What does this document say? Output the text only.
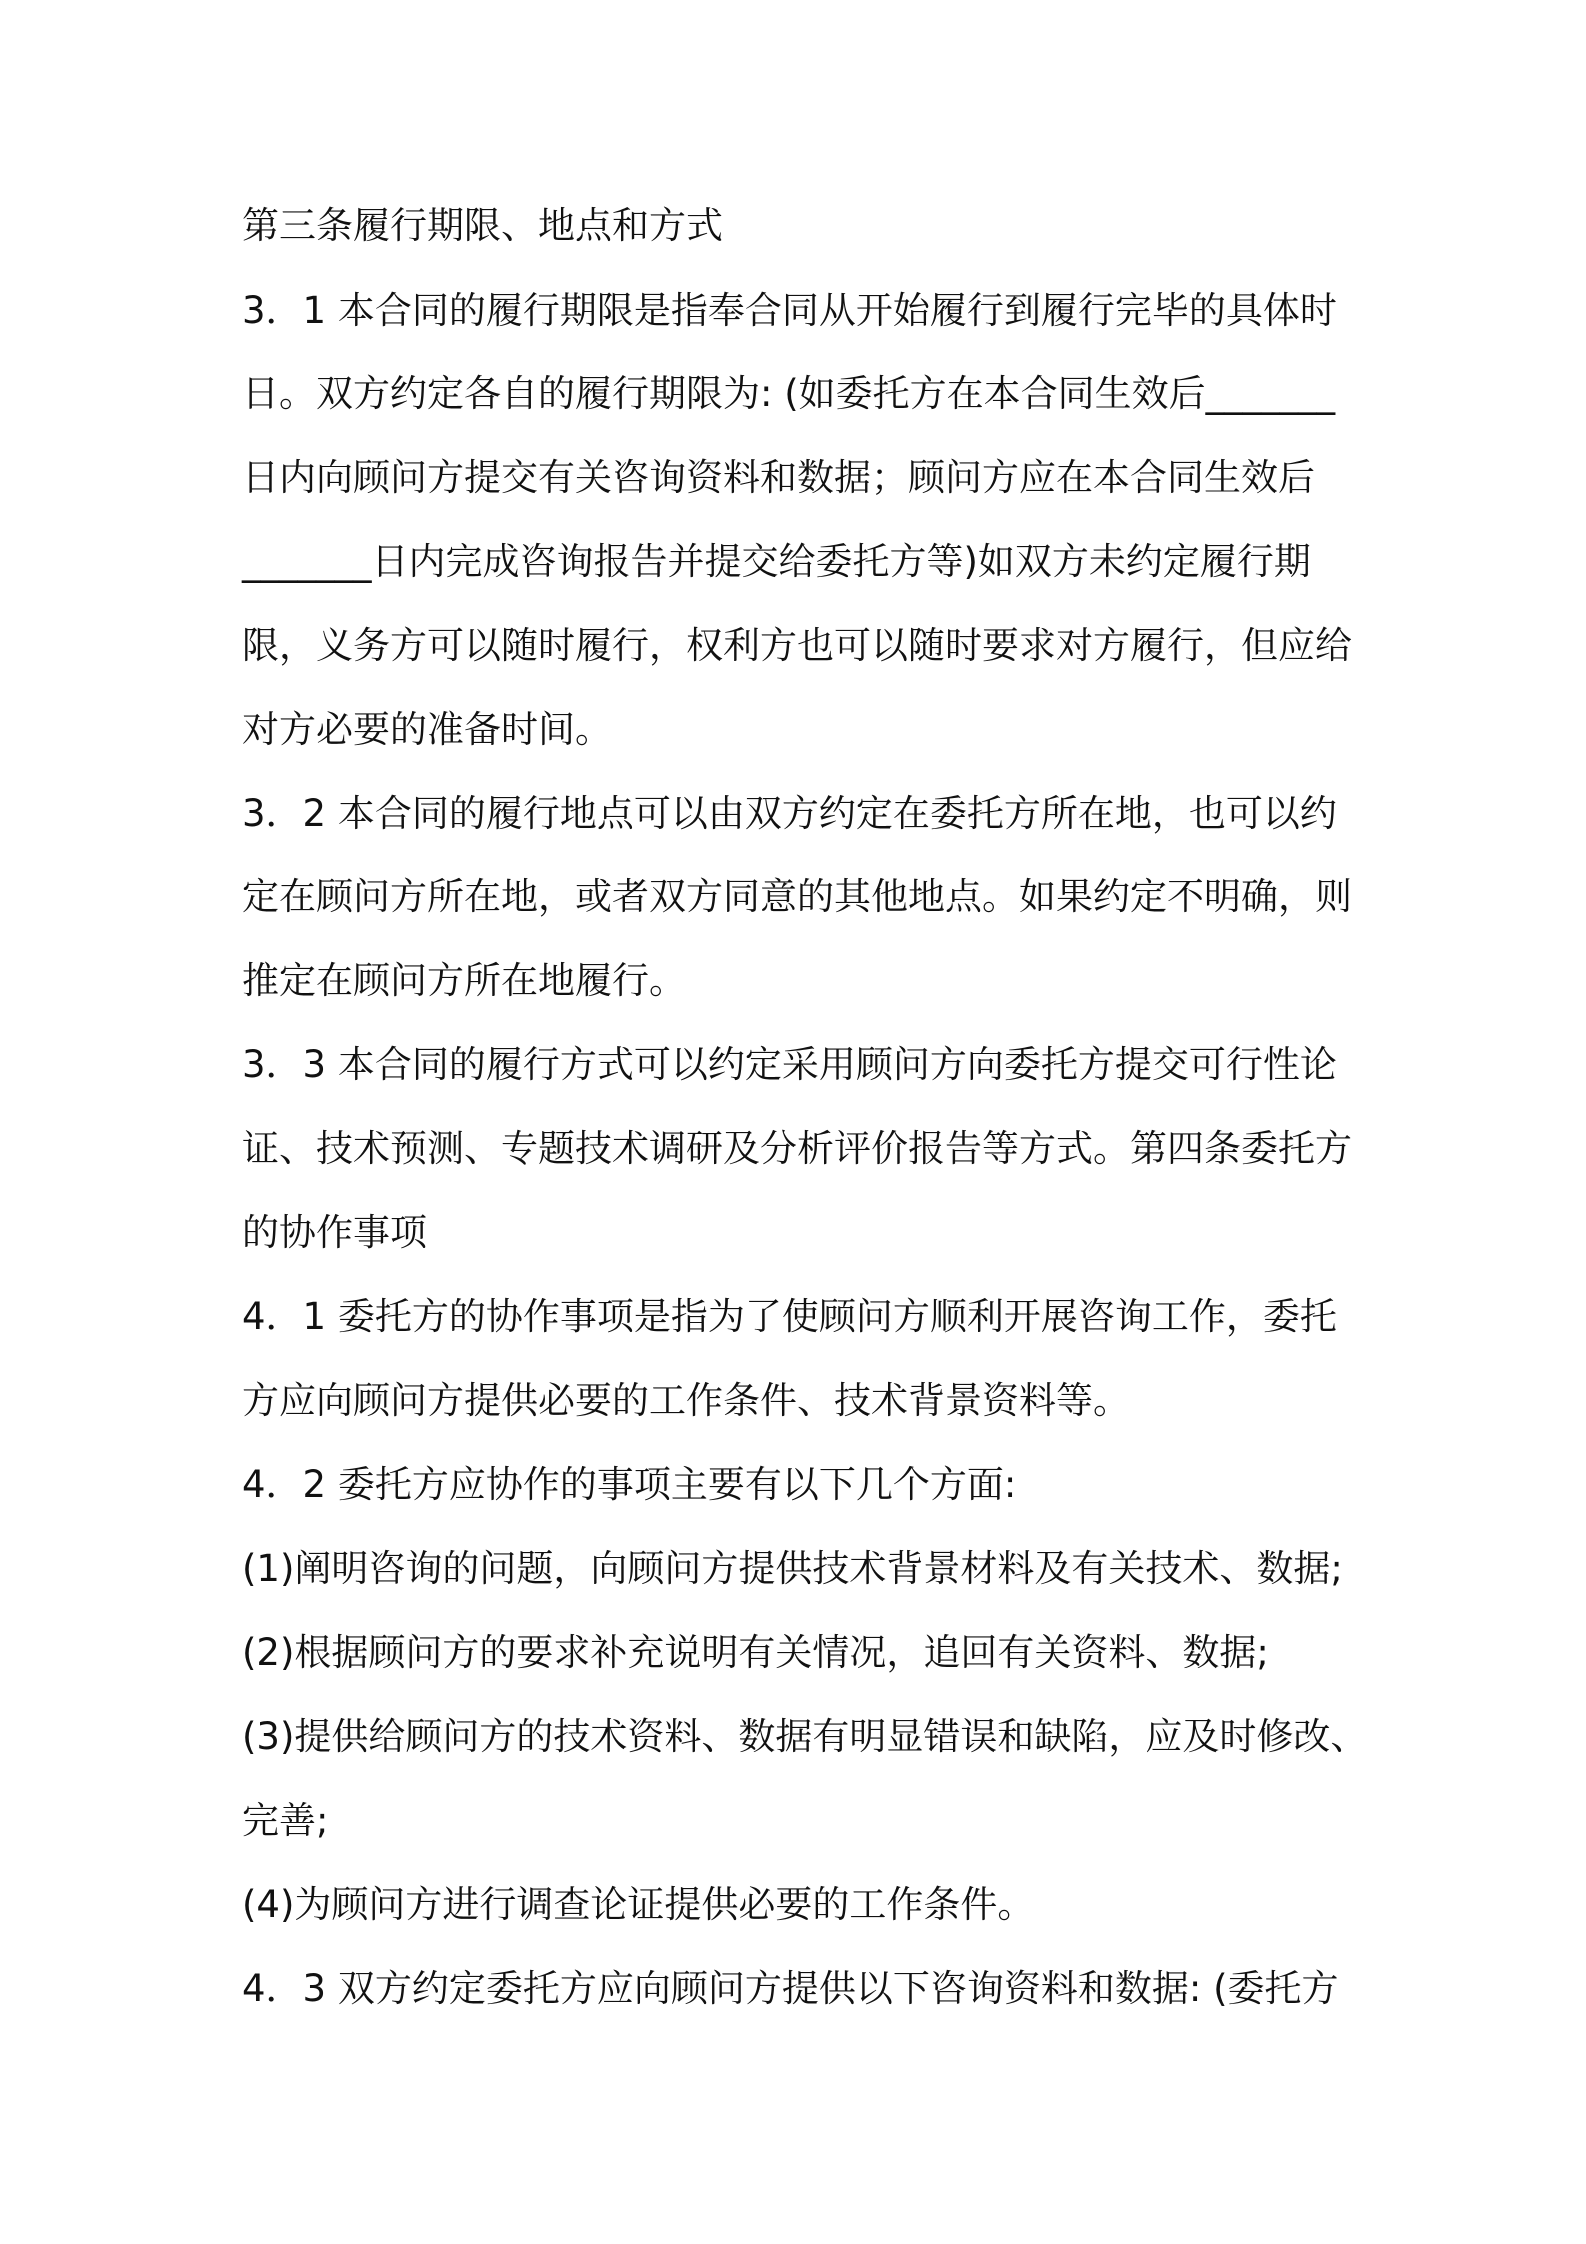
第三条履行期限、地点和方式
3．1 本合同的履行期限是指奉合同从开始履行到履行完毕的具体时
日。双方约定各自的履行期限为: (如委托方在本合同生效后_______
日内向顾问方提交有关咨询资料和数据；顾问方应在本合同生效后
_______日内完成咨询报告并提交给委托方等)如双方未约定履行期
限，义务方可以随时履行，权利方也可以随时要求对方履行，但应给
对方必要的准备时间。
3．2 本合同的履行地点可以由双方约定在委托方所在地，也可以约
定在顾问方所在地，或者双方同意的其他地点。如果约定不明确，则
推定在顾问方所在地履行。
3．3 本合同的履行方式可以约定采用顾问方向委托方提交可行性论
证、技术预测、专题技术调研及分析评价报告等方式。第四条委托方
的协作事项
4．1 委托方的协作事项是指为了使顾问方顺利开展咨询工作，委托
方应向顾问方提供必要的工作条件、技术背景资料等。
4．2 委托方应协作的事项主要有以下几个方面:
(1)阐明咨询的问题，向顾问方提供技术背景材料及有关技术、数据;
(2)根据顾问方的要求补充说明有关情况，追回有关资料、数据;
(3)提供给顾问方的技术资料、数据有明显错误和缺陷，应及时修改、
完善;
(4)为顾问方进行调查论证提供必要的工作条件。
4．3 双方约定委托方应向顾问方提供以下咨询资料和数据: (委托方
